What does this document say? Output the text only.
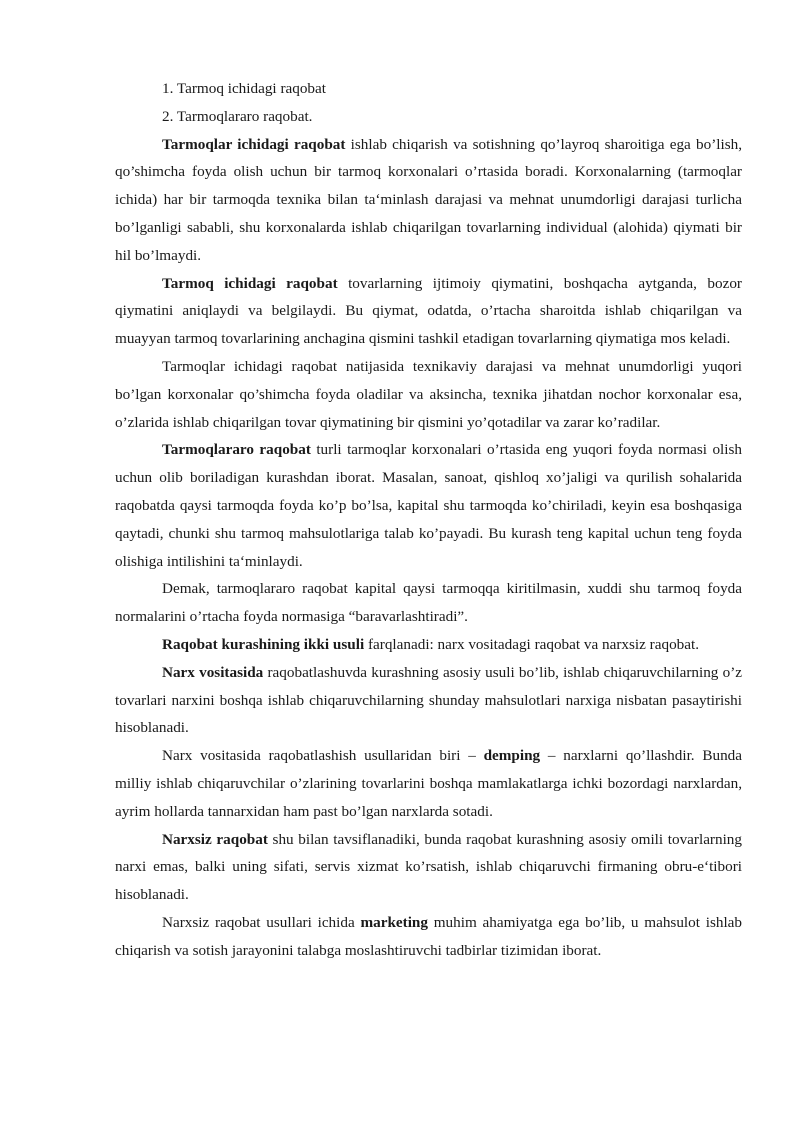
1. Tarmoq ichidagi raqobat

2. Tarmoqlararo raqobat.

Tarmoqlar ichidagi raqobat ishlab chiqarish va sotishning qo’layroq sharoitiga ega bo’lish, qo’shimcha foyda olish uchun bir tarmoq korxonalari o’rtasida boradi. Korxonalarning (tarmoqlar ichida) har bir tarmoqda texnika bilan ta‘minlash darajasi va mehnat unumdorligi darajasi turlicha bo’lganligi sababli, shu korxonalarda ishlab chiqarilgan tovarlarning individual (alohida) qiymati bir hil bo’lmaydi.

Tarmoq ichidagi raqobat tovarlarning ijtimoiy qiymatini, boshqacha aytganda, bozor qiymatini aniqlaydi va belgilaydi. Bu qiymat, odatda, o’rtacha sharoitda ishlab chiqarilgan va muayyan tarmoq tovarlarining anchagina qismini tashkil etadigan tovarlarning qiymatiga mos keladi.

Tarmoqlar ichidagi raqobat natijasida texnikaviy darajasi va mehnat unumdorligi yuqori bo’lgan korxonalar qo’shimcha foyda oladilar va aksincha, texnika jihatdan nochor korxonalar esa, o’zlarida ishlab chiqarilgan tovar qiymatining bir qismini yo’qotadilar va zarar ko’radilar.

Tarmoqlararo raqobat turli tarmoqlar korxonalari o’rtasida eng yuqori foyda normasi olish uchun olib boriladigan kurashdan iborat. Masalan, sanoat, qishloq xo’jaligi va qurilish sohalarida raqobatda qaysi tarmoqda foyda ko’p bo’lsa, kapital shu tarmoqda ko’chiriladi, keyin esa boshqasiga qaytadi, chunki shu tarmoq mahsulotlariga talab ko’payadi. Bu kurash teng kapital uchun teng foyda olishiga intilishini ta‘minlaydi.

Demak, tarmoqlararo raqobat kapital qaysi tarmoqqa kiritilmasin, xuddi shu tarmoq foyda normalarini o’rtacha foyda normasiga “baravarlashtiradi”.

Raqobat kurashining ikki usuli farqlanadi: narx vositadagi raqobat va narxsiz raqobat.

Narx vositasida raqobatlashuvda kurashning asosiy usuli bo’lib, ishlab chiqaruvchilarning o’z tovarlari narxini boshqa ishlab chiqaruvchilarning shunday mahsulotlari narxiga nisbatan pasaytirishi hisoblanadi.

Narx vositasida raqobatlashish usullaridan biri – demping – narxlarni qo’llashdir. Bunda milliy ishlab chiqaruvchilar o’zlarining tovarlarini boshqa mamlakatlarga ichki bozordagi narxlardan, ayrim hollarda tannarxidan ham past bo’lgan narxlarda sotadi.

Narxsiz raqobat shu bilan tavsiflanadiki, bunda raqobat kurashning asosiy omili tovarlarning narxi emas, balki uning sifati, servis xizmat ko’rsatish, ishlab chiqaruvchi firmaning obru-e‘tibori hisoblanadi.

Narxsiz raqobat usullari ichida marketing muhim ahamiyatga ega bo’lib, u mahsulot ishlab chiqarish va sotish jarayonini talabga moslashtiruvchi tadbirlar tizimidan iborat.
